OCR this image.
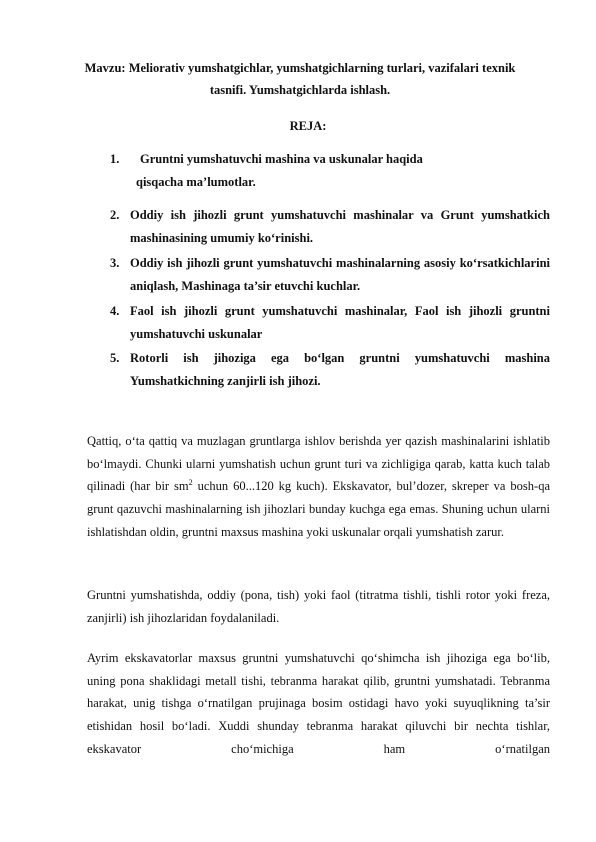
Mavzu: Meliorativ yumshatgichlar, yumshatgichlarning turlari, vazifalari texnik tasnifi. Yumshatgichlarda ishlash.
REJA:
1.	Gruntni yumshatuvchi mashina va uskunalar haqida
qisqacha ma’lumotlar.
2. Oddiy ish jihozli grunt yumshatuvchi mashinalar va Grunt yumshatkich mashinasining umumiy ko‘rinishi.
3. Oddiy ish jihozli grunt yumshatuvchi mashinalarning asosiy ko‘rsatkichlarini aniqlash, Mashinaga ta’sir etuvchi kuchlar.
4. Faol ish jihozli grunt yumshatuvchi mashinalar, Faol ish jihozli gruntni yumshatuvchi uskunalar
5. Rotorli ish jihoziga ega bo‘lgan gruntni yumshatuvchi mashina Yumshatkichning zanjirli ish jihozi.

Qattiq, o‘ta qattiq va muzlagan gruntlarga ishlov berishda yer qazish mashinalarini ishlatib bo‘lmaydi. Chunki ularni yumshatish uchun grunt turi va zichligiga qarab, katta kuch talab qilinadi (har bir $sm^2$ uchun 60...120 kg kuch). Ekskavator, bul’dozer, skreper va bosh-qa grunt qazuvchi mashinalarning ish jihozlari bunday kuchga ega emas. Shuning uchun ularni ishlatishdan oldin, gruntni maxsus mashina yoki uskunalar orqali yumshatish zarur.

Gruntni yumshatishda, oddiy (pona, tish) yoki faol (titratma tishli, tishli rotor yoki freza, zanjirli) ish jihozlaridan foydalaniladi.

Ayrim ekskavatorlar maxsus gruntni yumshatuvchi qo‘shimcha ish jihoziga ega bo‘lib, uning pona shaklidagi metall tishi, tebranma harakat qilib, gruntni yumshatadi. Tebranma harakat, unig tishga o‘rnatilgan prujinaga bosim ostidagi havo yoki suyuqlikning ta’sir etishidan hosil bo‘ladi. Xuddi shunday tebranma harakat qiluvchi bir nechta tishlar, ekskavator cho‘michiga ham o‘rnatilgan
